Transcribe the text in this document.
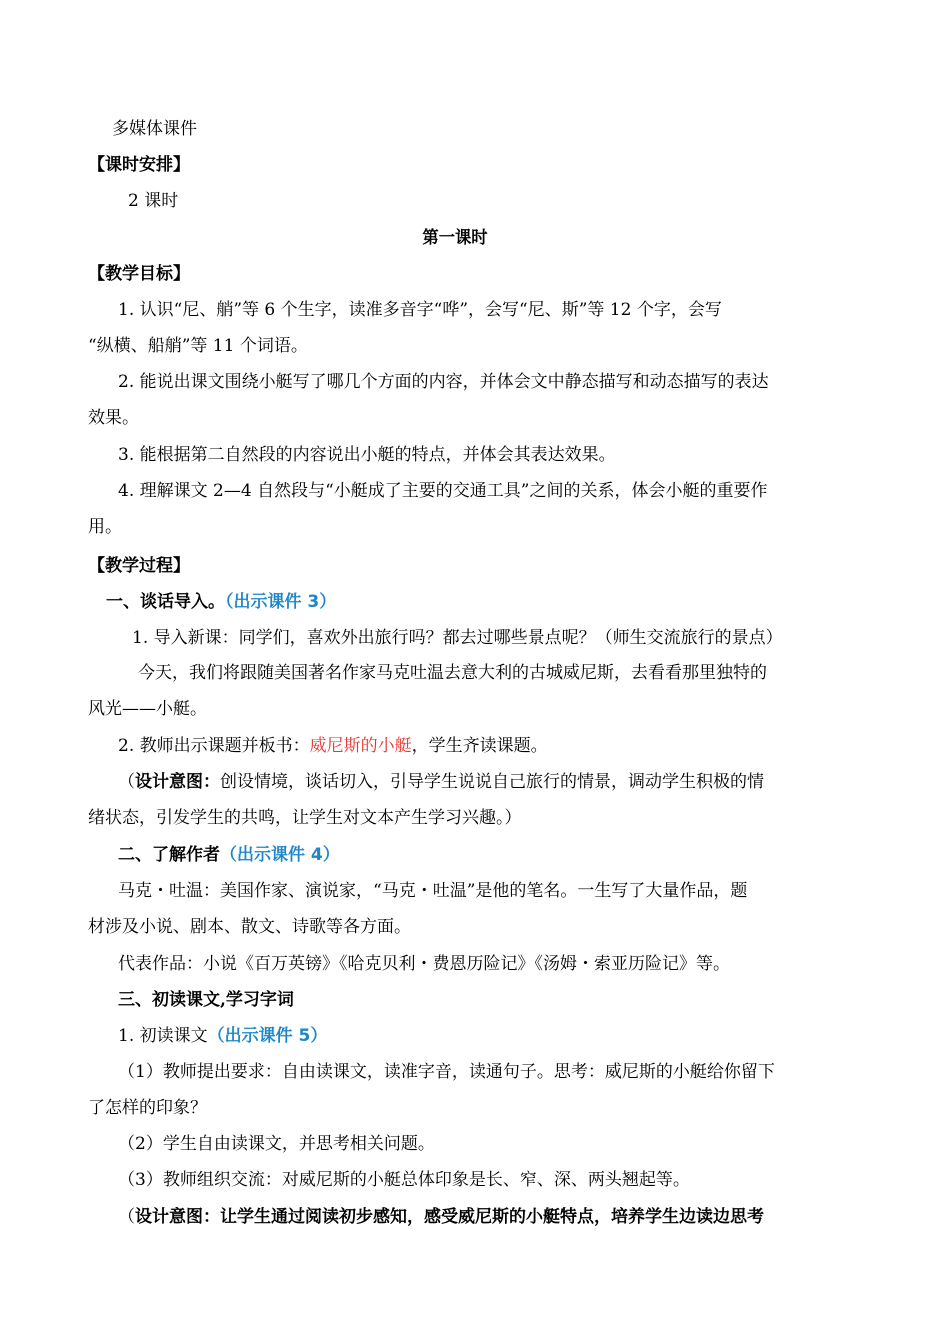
多媒体课件
【课时安排】
2 课时
第一课时
【教学目标】
1. 认识“尼、艄”等 6 个生字，读准多音字“哗”，会写“尼、斯”等 12 个字，会写
“纵横、船艄”等 11 个词语。
2. 能说出课文围绕小艇写了哪几个方面的内容，并体会文中静态描写和动态描写的表达
效果。
3. 能根据第二自然段的内容说出小艇的特点，并体会其表达效果。
4. 理解课文 2—4 自然段与“小艇成了主要的交通工具”之间的关系，体会小艇的重要作
用。
【教学过程】
一、谈话导入。（出示课件 3）
1. 导入新课：同学们，喜欢外出旅行吗？都去过哪些景点呢？（师生交流旅行的景点）
今天，我们将跟随美国著名作家马克吐温去意大利的古城威尼斯，去看看那里独特的
风光——小艇。
2. 教师出示课题并板书：威尼斯的小艇，学生齐读课题。
（设计意图：创设情境，谈话切入，引导学生说说自己旅行的情景，调动学生积极的情
绪状态，引发学生的共鸣，让学生对文本产生学习兴趣。）
二、了解作者（出示课件 4）
马克・吐温：美国作家、演说家，“马克・吐温”是他的笔名。一生写了大量作品，题
材涉及小说、剧本、散文、诗歌等各方面。
代表作品：小说《百万英镑》《哈克贝利・费恩历险记》《汤姆・索亚历险记》等。
三、初读课文,学习字词
1. 初读课文（出示课件 5）
（1）教师提出要求：自由读课文，读准字音，读通句子。思考：威尼斯的小艇给你留下
了怎样的印象？
（2）学生自由读课文，并思考相关问题。
（3）教师组织交流：对威尼斯的小艇总体印象是长、窄、深、两头翘起等。
（设计意图：让学生通过阅读初步感知，感受威尼斯的小艇特点，培养学生边读边思考
